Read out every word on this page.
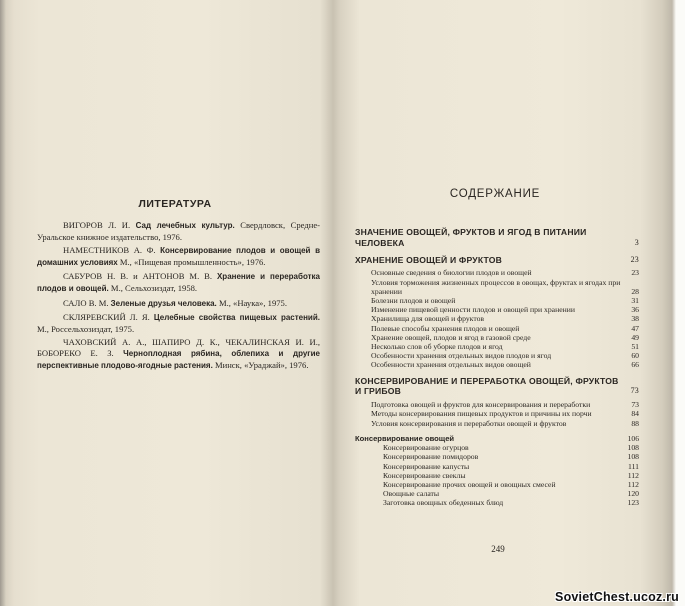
ЛИТЕРАТУРА
ВИГОРОВ Л. И. Сад лечебных культур. Свердловск, Средне-Уральское книжное издательство, 1976.
НАМЕСТНИКОВ А. Ф. Консервирование плодов и овощей в домашних условиях М., «Пищевая промышленность», 1976.
САБУРОВ Н. В. и АНТОНОВ М. В. Хранение и переработка плодов и овощей. М., Сельхозиздат, 1958.
САЛО В. М. Зеленые друзья человека. М., «Наука», 1975.
СКЛЯРЕВСКИЙ Л. Я. Целебные свойства пищевых растений. М., Россельхозиздат, 1975.
ЧАХОВСКИЙ А. А., ШАПИРО Д. К., ЧЕКАЛИНСКАЯ И. И., БОБОРЕКО Е. З. Черноплодная рябина, облепиха и другие перспективные плодово-ягодные растения. Минск, «Ураджай», 1976.
СОДЕРЖАНИЕ
ЗНАЧЕНИЕ ОВОЩЕЙ, ФРУКТОВ И ЯГОД В ПИТАНИИ ЧЕЛОВЕКА	3
ХРАНЕНИЕ ОВОЩЕЙ И ФРУКТОВ	23
Основные сведения о биологии плодов и овощей	23
Условия торможения жизненных процессов в овощах, фруктах и ягодах при хранении	28
Болезни плодов и овощей	31
Изменение пищевой ценности плодов и овощей при хранении	36
Хранилища для овощей и фруктов	38
Полевые способы хранения плодов и овощей	47
Хранение овощей, плодов и ягод в газовой среде	49
Несколько слов об уборке плодов и ягод	51
Особенности хранения отдельных видов плодов и ягод	60
Особенности хранения отдельных видов овощей	66
КОНСЕРВИРОВАНИЕ И ПЕРЕРАБОТКА ОВОЩЕЙ, ФРУКТОВ И ГРИБОВ	73
Подготовка овощей и фруктов для консервирования и переработки	73
Методы консервирования пищевых продуктов и причины их порчи	84
Условия консервирования и переработки овощей и фруктов	88
Консервирование овощей	106
Консервирование огурцов	108
Консервирование помидоров	108
Консервирование капусты	111
Консервирование свеклы	112
Консервирование прочих овощей и овощных смесей	112
Овощные салаты	120
Заготовка овощных обеденных блюд	123
249
SovietChest.ucoz.ru
